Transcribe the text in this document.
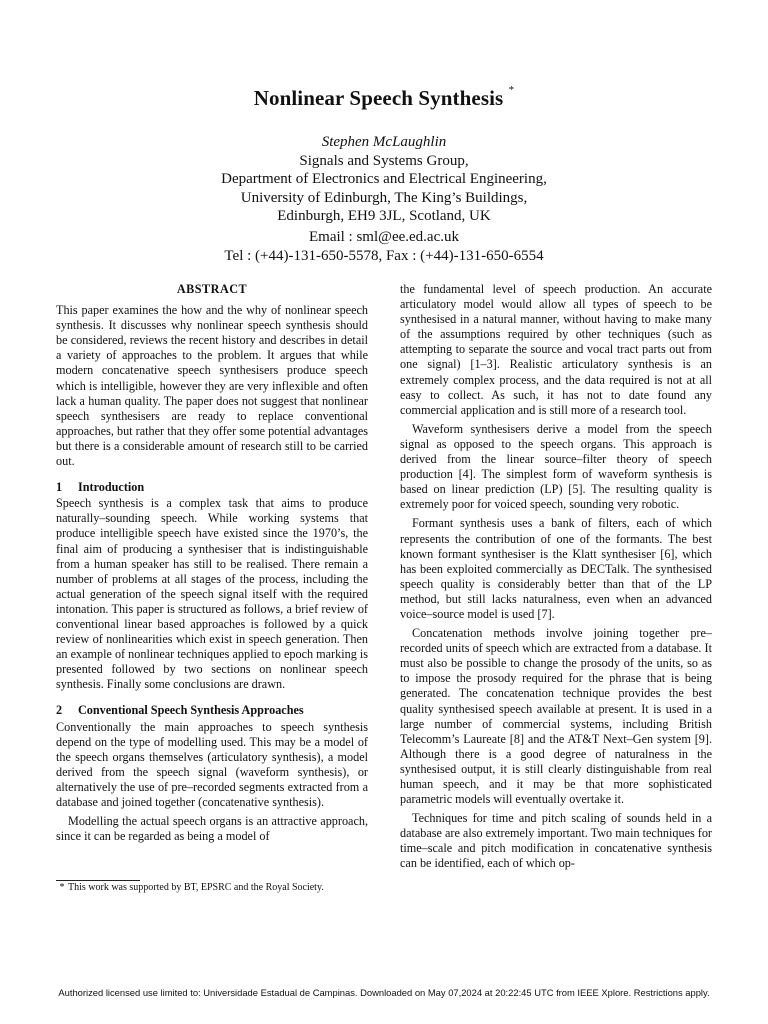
Nonlinear Speech Synthesis *
Stephen McLaughlin
Signals and Systems Group,
Department of Electronics and Electrical Engineering,
University of Edinburgh, The King’s Buildings,
Edinburgh, EH9 3JL, Scotland, UK
Email : sml@ee.ed.ac.uk
Tel : (+44)-131-650-5578, Fax : (+44)-131-650-6554
ABSTRACT

This paper examines the how and the why of nonlinear speech synthesis. It discusses why nonlinear speech synthesis should be considered, reviews the recent history and describes in detail a variety of approaches to the problem. It argues that while modern concatenative speech synthesisers produce speech which is intelligible, however they are very inflexible and often lack a human quality. The paper does not suggest that nonlinear speech synthesisers are ready to replace conventional approaches, but rather that they offer some potential advantages but there is a considerable amount of research still to be carried out.

1 Introduction

Speech synthesis is a complex task that aims to produce naturally–sounding speech. While working systems that produce intelligible speech have existed since the 1970’s, the final aim of producing a synthesiser that is indistinguishable from a human speaker has still to be realised. There remain a number of problems at all stages of the process, including the actual generation of the speech signal itself with the required intonation. This paper is structured as follows, a brief review of conventional linear based approaches is followed by a quick review of nonlinearities which exist in speech generation. Then an example of nonlinear techniques applied to epoch marking is presented followed by two sections on nonlinear speech synthesis. Finally some conclusions are drawn.

2 Conventional Speech Synthesis Approaches

Conventionally the main approaches to speech synthesis depend on the type of modelling used. This may be a model of the speech organs themselves (articulatory synthesis), a model derived from the speech signal (waveform synthesis), or alternatively the use of pre–recorded segments extracted from a database and joined together (concatenative synthesis).

Modelling the actual speech organs is an attractive approach, since it can be regarded as being a model of

the fundamental level of speech production. An accurate articulatory model would allow all types of speech to be synthesised in a natural manner, without having to make many of the assumptions required by other techniques (such as attempting to separate the source and vocal tract parts out from one signal) [1–3]. Realistic articulatory synthesis is an extremely complex process, and the data required is not at all easy to collect. As such, it has not to date found any commercial application and is still more of a research tool.

Waveform synthesisers derive a model from the speech signal as opposed to the speech organs. This approach is derived from the linear source–filter theory of speech production [4]. The simplest form of waveform synthesis is based on linear prediction (LP) [5]. The resulting quality is extremely poor for voiced speech, sounding very robotic.

Formant synthesis uses a bank of filters, each of which represents the contribution of one of the formants. The best known formant synthesiser is the Klatt synthesiser [6], which has been exploited commercially as DECTalk. The synthesised speech quality is considerably better than that of the LP method, but still lacks naturalness, even when an advanced voice–source model is used [7].

Concatenation methods involve joining together pre–recorded units of speech which are extracted from a database. It must also be possible to change the prosody of the units, so as to impose the prosody required for the phrase that is being generated. The concatenation technique provides the best quality synthesised speech available at present. It is used in a large number of commercial systems, including British Telecomm’s Laureate [8] and the AT&T Next–Gen system [9]. Although there is a good degree of naturalness in the synthesised output, it is still clearly distinguishable from real human speech, and it may be that more sophisticated parametric models will eventually overtake it.

Techniques for time and pitch scaling of sounds held in a database are also extremely important. Two main techniques for time–scale and pitch modification in concatenative synthesis can be identified, each of which op-

* This work was supported by BT, EPSRC and the Royal Society.
Authorized licensed use limited to: Universidade Estadual de Campinas. Downloaded on May 07,2024 at 20:22:45 UTC from IEEE Xplore. Restrictions apply.
